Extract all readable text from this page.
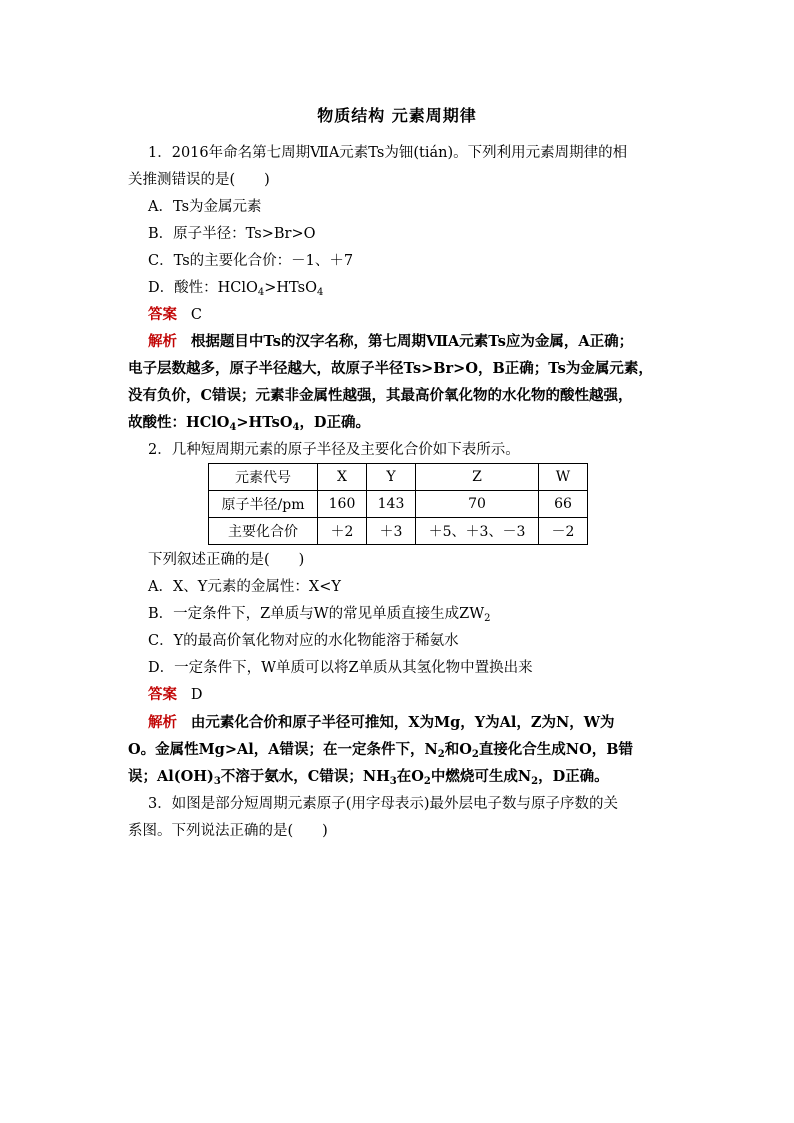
物质结构 元素周期律
1．2016年命名第七周期ⅦA元素Ts为钿(tián)。下列利用元素周期律的相
关推测错误的是(　　)
A．Ts为金属元素
B．原子半径：Ts>Br>O
C．Ts的主要化合价：－1、＋7
D．酸性：HClO$_4$>HTsO$_4$
答案 C
解析 根据题目中Ts的汉字名称，第七周期ⅦA元素Ts应为金属，A正确；
电子层数越多，原子半径越大，故原子半径Ts>Br>O，B正确；Ts为金属元素，
没有负价，C错误；元素非金属性越强，其最高价氧化物的水化物的酸性越强，
故酸性：HClO$_4$>HTsO$_4$，D正确。
2．几种短周期元素的原子半径及主要化合价如下表所示。
元素代号	X	Y	Z	W
原子半径/pm	160	143	70	66
主要化合价	＋2	＋3	＋5、＋3、－3	－2
下列叙述正确的是(　　)
A．X、Y元素的金属性：X<Y
B．一定条件下，Z单质与W的常见单质直接生成$ZW_2$
C．Y的最高价氧化物对应的水化物能溶于稀氨水
D．一定条件下，W单质可以将Z单质从其氢化物中置换出来
答案 D
解析 由元素化合价和原子半径可推知，X为Mg，Y为Al，Z为N，W为
O。金属性Mg>Al，A错误；在一定条件下，$N_2$和$O_2$直接化合生成NO，B错
误；$Al(OH)_3$不溶于氨水，C错误；$NH_3$在$O_2$中燃烧可生成$N_2$，D正确。
3．如图是部分短周期元素原子(用字母表示)最外层电子数与原子序数的关
系图。下列说法正确的是(　　)
